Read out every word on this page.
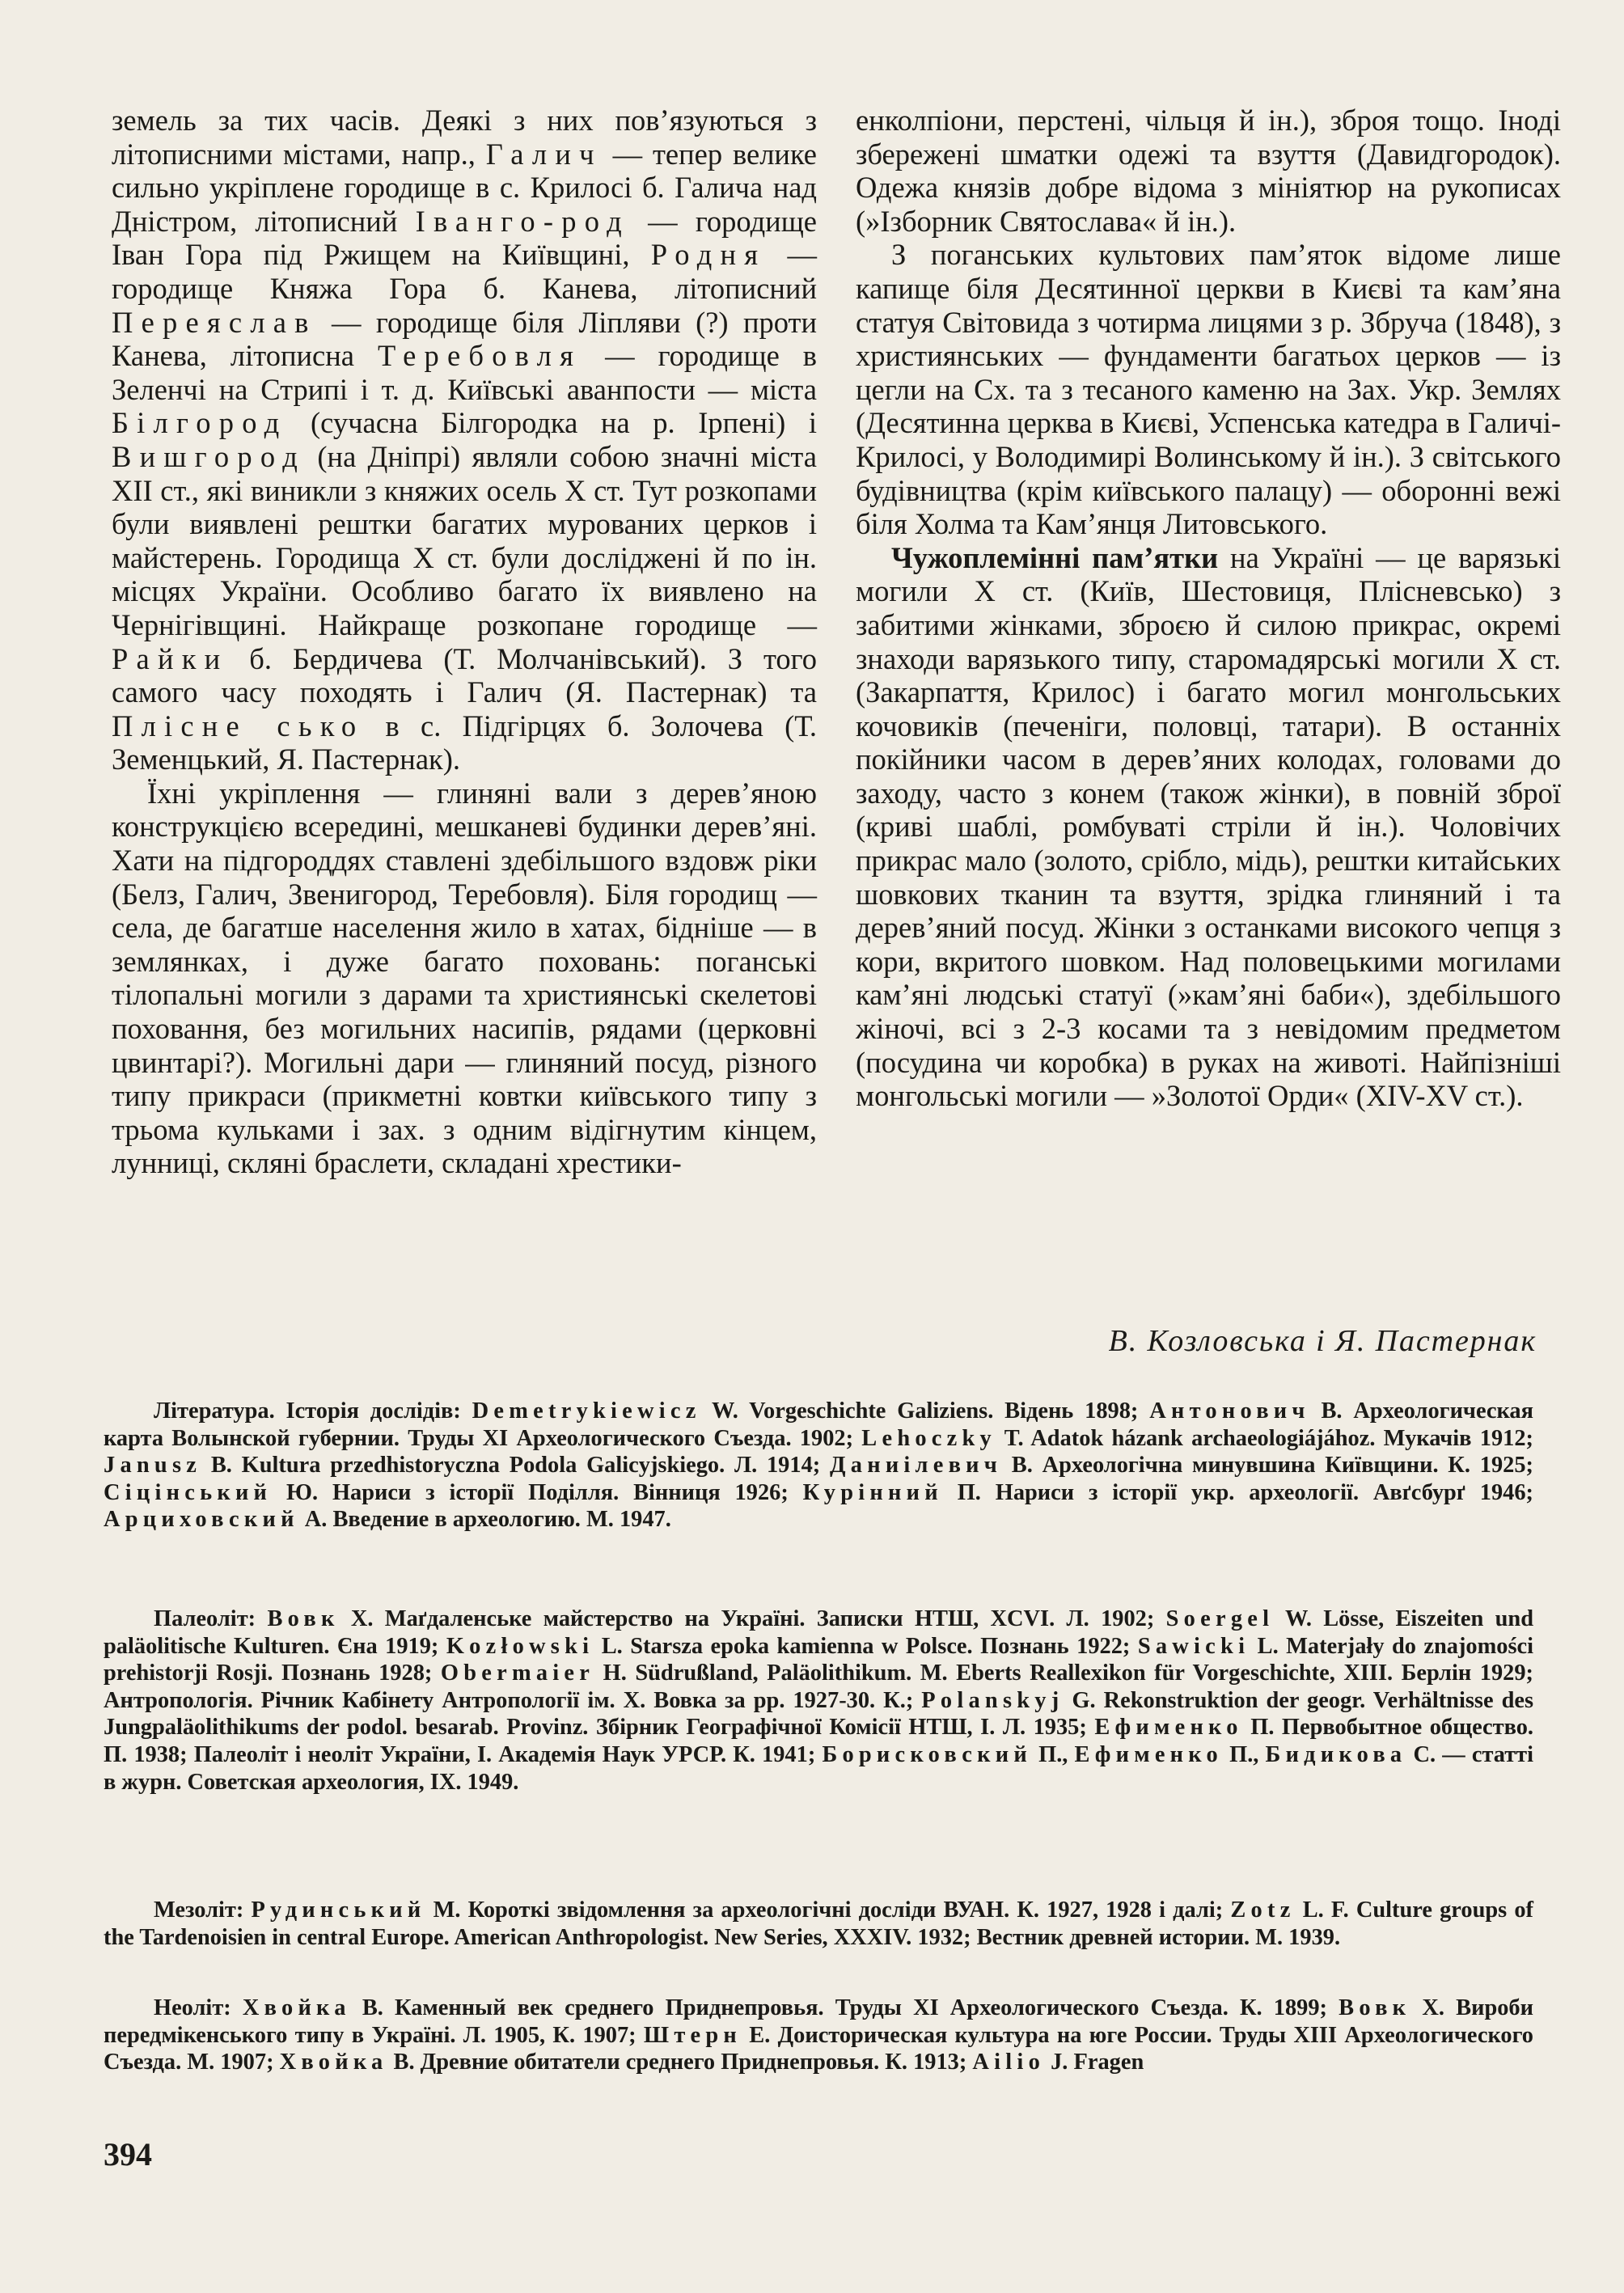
земель за тих часів. Деякі з них пов’язуються з літописними містами, напр., Галич — тепер велике сильно укріплене городище в с. Крилосі б. Галича над Дністром, літописний Іванго-род — городище Іван Гора під Ржищем на Київщині, Родня — городище Княжа Гора б. Канева, літописний Переяслав — городище біля Ліпляви (?) проти Канева, літописна Теребовля — городище в Зеленчі на Стрипі і т. д. Київські аванпости — міста Білгород (сучасна Білгородка на р. Ірпені) і Вишгород (на Дніпрі) являли собою значні міста XII ст., які виникли з княжих осель X ст. Тут розкопами були виявлені рештки багатих мурованих церков і майстерень. Городища X ст. були досліджені й по ін. місцях України. Особливо багато їх виявлено на Чернігівщині. Найкраще розкопане городище — Райки б. Бердичева (Т. Молчанівський). З того самого часу походять і Галич (Я. Пастернак) та Плісне сько в с. Підгірцях б. Золочева (Т. Земенцький, Я. Пастернак).

Їхні укріплення — глиняні вали з дерев’яною конструкцією всередині, мешканеві будинки дерев’яні. Хати на підгороддях ставлені здебільшого вздовж ріки (Белз, Галич, Звенигород, Теребовля). Біля городищ — села, де багатше населення жило в хатах, бідніше — в землянках, і дуже багато поховань: поганські тілопальні могили з дарами та християнські скелетові поховання, без могильних насипів, рядами (церковні цвинтарі?). Могильні дари — глиняний посуд, різного типу прикраси (прикметні ковтки київського типу з трьома кульками і зах. з одним відігнутим кінцем, лунниці, скляні браслети, складані хрестики-

енколпіони, перстені, чільця й ін.), зброя тощо. Іноді збережені шматки одежі та взуття (Давидгородок). Одежа князів добре відома з мініятюр на рукописах (»Ізборник Святослава« й ін.).

З поганських культових пам’яток відоме лише капище біля Десятинної церкви в Києві та кам’яна статуя Світовида з чотирма лицями з р. Збруча (1848), з християнських — фундаменти багатьох церков — із цегли на Сх. та з тесаного каменю на Зах. Укр. Землях (Десятинна церква в Києві, Успенська катедра в Галичі-Крилосі, у Володимирі Волинському й ін.). З світського будівництва (крім київського палацу) — оборонні вежі біля Холма та Кам’янця Литовського.

Чужоплемінні пам’ятки на Україні — це варязькі могили X ст. (Київ, Шестовиця, Плісневсько) з забитими жінками, зброєю й силою прикрас, окремі знаходи варязького типу, старомадярські могили X ст. (Закарпаття, Крилос) і багато могил монгольських кочовиків (печеніги, половці, татари). В останніх покійники часом в дерев’яних колодах, головами до заходу, часто з конем (також жінки), в повній зброї (криві шаблі, ромбуваті стріли й ін.). Чоловічих прикрас мало (золото, срібло, мідь), рештки китайських шовкових тканин та взуття, зрідка глиняний і та дерев’яний посуд. Жінки з останками високого чепця з кори, вкритого шовком. Над половецькими могилами кам’яні людські статуї (»кам’яні баби«), здебільшого жіночі, всі з 2-3 косами та з невідомим предметом (посудина чи коробка) в руках на животі. Найпізніші монгольські могили — »Золотої Орди« (XIV-XV ст.).

В. Козловська і Я. Пастернак

Література. Історія дослідів: Demetrykiewicz W. Vorgeschichte Galiziens. Відень 1898; Антонович В. Археологическая карта Волынской губернии. Труды XI Археологического Съезда. 1902; Lehoczky T. Adatok házank archaeologiájához. Мукачів 1912; Janusz B. Kultura przedhistoryczna Podola Galicyjskiego. Л. 1914; Даниілевич В. Археологічна минувшина Київщини. К. 1925; Сіцінський Ю. Нариси з історії Поділля. Вінниця 1926; Курінний П. Нариси з історії укр. археології. Авґсбурґ 1946; Арциховский А. Введение в археологию. М. 1947.

Палеоліт: Вовк Х. Маґдаленське майстерство на Україні. Записки НТШ, XCVI. Л. 1902; Soergel W. Lösse, Eiszeiten und paläolitische Kulturen. Єна 1919; Kozłowski L. Starsza epoka kamienna w Polsce. Познань 1922; Sawicki L. Materjały do znajomości prehistorji Rosji. Познань 1928; Obermaier H. Südrußland, Paläolithikum. M. Eberts Reallexikon für Vorgeschichte, XIII. Берлін 1929; Антропологія. Річник Кабінету Антропології ім. Х. Вовка за рр. 1927-30. К.; Polanskyj G. Rekonstruktion der geogr. Verhältnisse des Jungpaläolithikums der podol. besarab. Provinz. Збірник Географічної Комісії НТШ, I. Л. 1935; Ефименко П. Первобытное общество. П. 1938; Палеоліт і неоліт України, I. Академія Наук УРСР. К. 1941; Борисковский П., Ефименко П., Бидикова С. — статті в журн. Советская археология, IX. 1949.

Мезоліт: Рудинський М. Короткі звідомлення за археологічні досліди ВУАН. К. 1927, 1928 і далі; Zotz L. F. Culture groups of the Tardenoisien in central Europe. American Anthropologist. New Series, XXXIV. 1932; Вестник древней истории. М. 1939.

Неоліт: Хвойка В. Каменный век среднего Приднепровья. Труды XI Археологического Съезда. К. 1899; Вовк Х. Вироби передмікенського типу в Україні. Л. 1905, К. 1907; Штерн Е. Доисторическая культура на юге России. Труды XIII Археологического Съезда. М. 1907; Хвойка В. Древние обитатели среднего Приднепровья. К. 1913; Ailio J. Fragen

394
